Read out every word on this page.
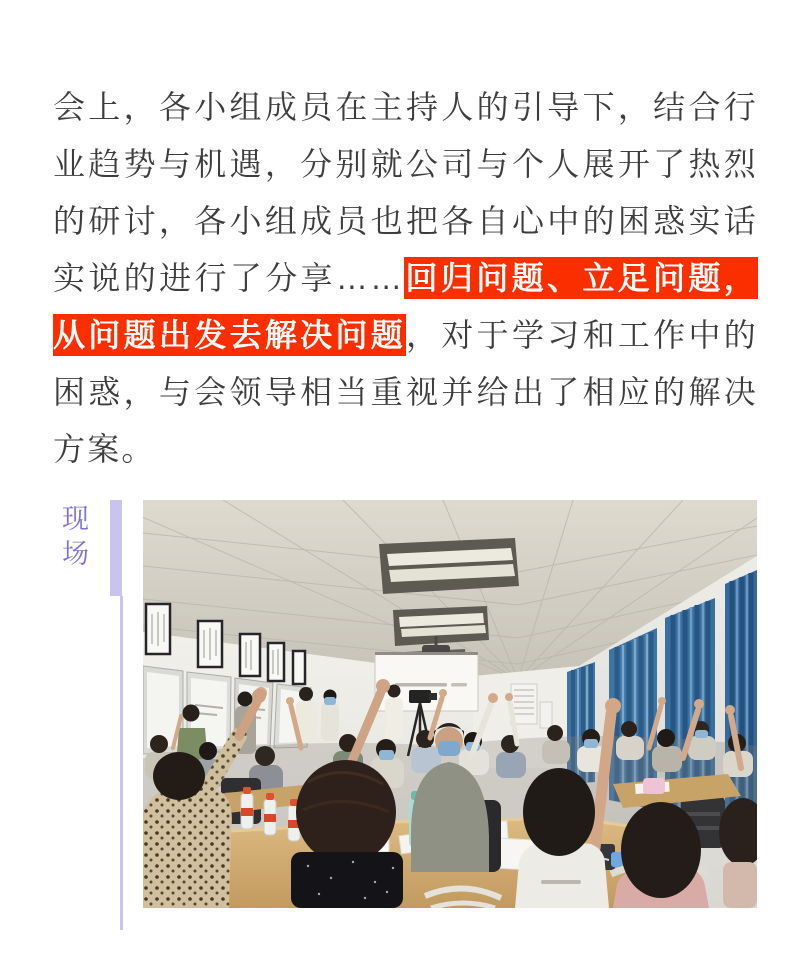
会上，各小组成员在主持人的引导下，结合行业趋势与机遇，分别就公司与个人展开了热烈的研讨，各小组成员也把各自心中的困惑实话实说的进行了分享……回归问题、立足问题，从问题出发去解决问题，对于学习和工作中的困惑，与会领导相当重视并给出了相应的解决方案。

现场
